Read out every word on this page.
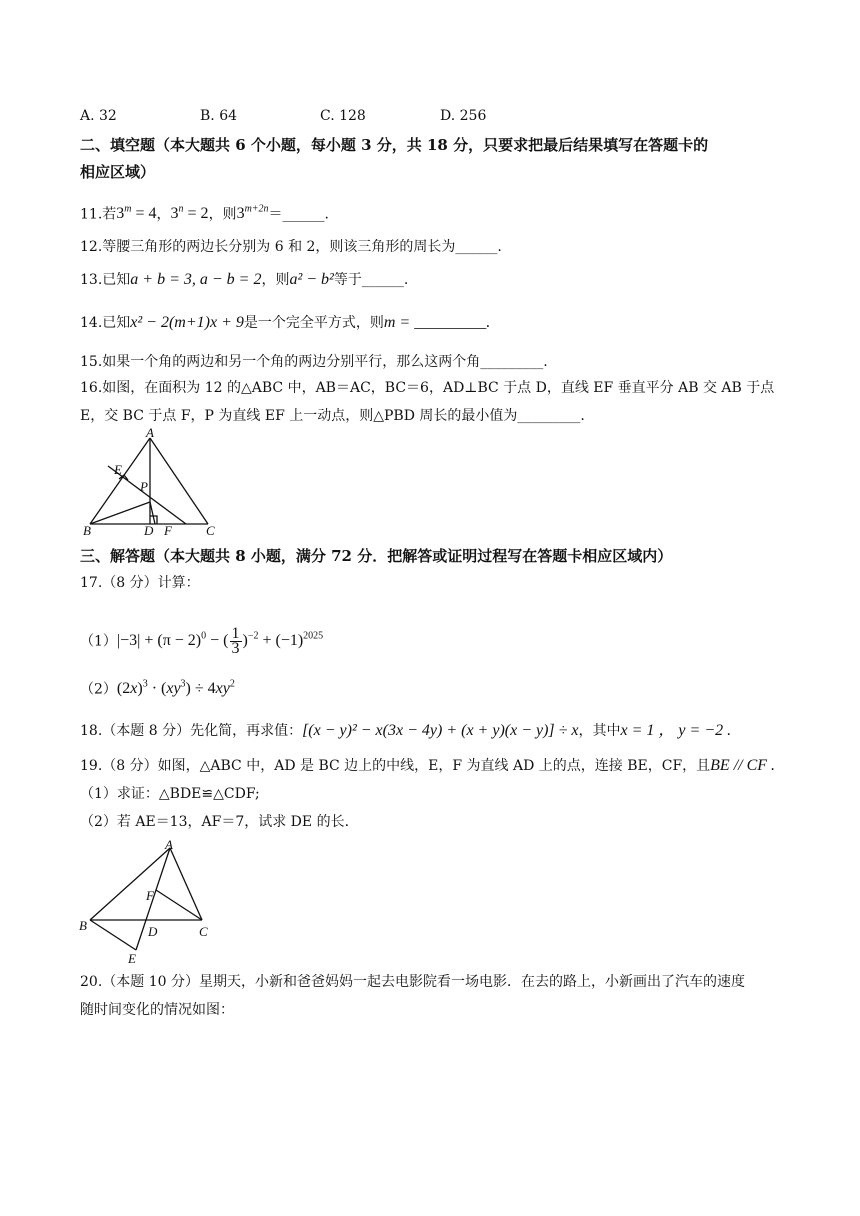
A. 32	B. 64	C. 128	D. 256
二、填空题（本大题共 6 个小题，每小题 3 分，共 18 分，只要求把最后结果填写在答题卡的
相应区域）
11.若$3^m = 4$，$3^n = 2$，则$3^{m+2n}=\_\_\_\_\_\_$.
12.等腰三角形的两边长分别为 6 和 2，则该三角形的周长为______.
13.已知a + b = 3, a − b = 2，则a² − b²等于______.
14.已知x² − 2(m+1)x + 9是一个完全平方式，则m = _________.
15.如果一个角的两边和另一个角的两边分别平行，那么这两个角_________.
16.如图，在面积为 12 的△ABC 中，AB＝AC，BC＝6，AD⊥BC 于点 D，直线 EF 垂直平分 AB 交 AB 于点
E，交 BC 于点 F，P 为直线 EF 上一动点，则△PBD 周长的最小值为_________.
A
E
P
B	D F	C
三、解答题（本大题共 8 小题，满分 72 分．把解答或证明过程写在答题卡相应区域内）
17.（8 分）计算：
$(1)|-3| + (\pi - 2)^0$ − ( $\frac{1}{3} )^{-2} + (-1)^{2025}$
$(2)(2x)^3 \cdot (xy^3) \div 4xy^2$
18.（本题 8 分）先化简，再求值：[(x − y)² − x(3x − 4y) + (x + y)(x − y)] ÷ x，其中x = 1 ， y = −2 .
19.（8 分）如图，△ABC 中，AD 是 BC 边上的中线，E，F 为直线 AD 上的点，连接 BE，CF，且BE // CF .
（1）求证：△BDE≌△CDF;
（2）若 AE＝13，AF＝7，试求 DE 的长.
A
F
B	D	C
E
20.（本题 10 分）星期天，小新和爸爸妈妈一起去电影院看一场电影．在去的路上，小新画出了汽车的速度
随时间变化的情况如图：
